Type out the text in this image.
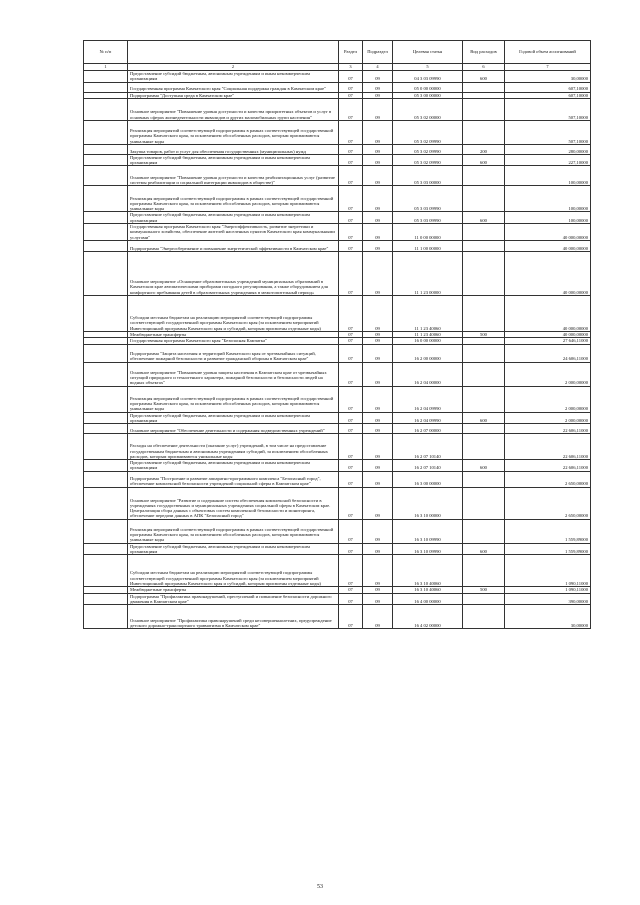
№ п/п		Раздел	Подраздел	Целевая статья	Вид расходов	Годовой объем ассигнований
1	2	3	4	5	6	7
	Предоставление субсидий бюджетным, автономным учреждениям и иным некоммерческим организациям	07	09	04 3 03 09990	600	30,00000
	Государственная программа Камчатского края "Социальная поддержка граждан в Камчатском крае"	07	09	05 0 00 00000		607,10000
	Подпрограмма "Доступная среда в Камчатском крае"	07	09	05 3 00 00000		607,10000
	Основное мероприятие "Повышение уровня доступности и качества приоритетных объектов и услуг в основных сферах жизнедеятельности инвалидов и других маломобильных групп населения"	07	09	05 3 02 00000		507,10000
	Реализация мероприятий соответствующей подпрограммы в рамках соответствующей государственной программы Камчатского края, за исключением обособленных расходов, которым присваиваются уникальные коды	07	09	05 3 02 09990		507,10000
	Закупка товаров, работ и услуг для обеспечения государственных (муниципальных) нужд	07	09	05 3 02 09990	200	280,00000
	Предоставление субсидий бюджетным, автономным учреждениям и иным некоммерческим организациям	07	09	05 3 02 09990	600	227,10000
	Основное мероприятие "Повышение уровня доступности и качества реабилитационных услуг (развитие системы реабилитации и социальной интеграции инвалидов в обществе)"	07	09	05 3 03 00000		100,00000
	Реализация мероприятий соответствующей подпрограммы в рамках соответствующей государственной программы Камчатского края, за исключением обособленных расходов, которым присваиваются уникальные коды	07	09	05 3 03 09990		100,00000
	Предоставление субсидий бюджетным, автономным учреждениям и иным некоммерческим организациям	07	09	05 3 03 09990	600	100,00000
	Государственная программа Камчатского края "Энергоэффективность, развитие энергетики и коммунального хозяйства, обеспечение жителей населенных пунктов Камчатского края коммунальными услугами"	07	09	11 0 00 00000		40 000,00000
	Подпрограмма "Энергосбережение и повышение энергетической эффективности в Камчатском крае"	07	09	11 1 00 00000		40 000,00000
	Основное мероприятие «Оснащение образовательных учреждений муниципальных образований в Камчатском крае автоматическими приборами погодного регулирования, а также оборудованием для комфортного пребывания детей в образовательных учреждениях в межотопительный период»	07	09	11 1 23 00000		40 000,00000
	Субсидии местным бюджетам на реализацию мероприятий соответствующей подпрограммы соответствующей государственной программы Камчатского края (за исключением мероприятий Инвестиционной программы Камчатского края и субсидий, которым присвоены отдельные коды)	07	09	11 1 23 40060		40 000,00000
	Межбюджетные трансферты	07	09	11 1 23 40060	500	40 000,00000
	Государственная программа Камчатского края "Безопасная Камчатка"	07	09	16 0 00 00000		27 646,11000
	Подпрограмма "Защита населения и территорий Камчатского края от чрезвычайных ситуаций, обеспечение пожарной безопасности и развитие гражданской обороны в Камчатском крае"	07	09	16 2 00 00000		24 606,11000
	Основное мероприятие "Повышение уровня защиты населения в Камчатском крае от чрезвычайных ситуаций природного и техногенного характера, пожарной безопасности и безопасности людей на водных объектах"	07	09	16 2 04 00000		2 000,00000
	Реализация мероприятий соответствующей подпрограммы в рамках соответствующей государственной программы Камчатского края, за исключением обособленных расходов, которым присваиваются уникальные коды	07	09	16 2 04 09990		2 000,00000
	Предоставление субсидий бюджетным, автономным учреждениям и иным некоммерческим организациям	07	09	16 2 04 09990	600	2 000,00000
	Основное мероприятие "Обеспечение деятельности и содержания подведомственных учреждений"	07	09	16 2 07 00000		22 606,11000
	Расходы на обеспечение деятельности (оказание услуг) учреждений, в том числе на предоставление государственным бюджетным и автономным учреждениям субсидий, за исключением обособленных расходов, которым присваиваются уникальные коды	07	09	16 2 07 10140		22 606,11000
	Предоставление субсидий бюджетным, автономным учреждениям и иным некоммерческим организациям	07	09	16 2 07 10140	600	22 606,11000
	Подпрограмма "Построение и развитие аппаратно-программного комплекса "Безопасный город", обеспечение комплексной безопасности учреждений социальной сферы в Камчатском крае"	07	09	16 3 00 00000		2 650,00000
	Основное мероприятие "Развитие и содержание систем обеспечения комплексной безопасности в учреждениях государственных и муниципальных учреждениях социальной сферы в Камчатском крае. Централизация сбора данных с объектовых систем комплексной безопасности и мониторинга, обеспечение передачи данных в АПК "Безопасный город"	07	09	16 3 10 00000		2 650,00000
	Реализация мероприятий соответствующей подпрограммы в рамках соответствующей государственной программы Камчатского края, за исключением обособленных расходов, которым присваиваются уникальные коды	07	09	16 3 10 09990		1 559,89000
	Предоставление субсидий бюджетным, автономным учреждениям и иным некоммерческим организациям	07	09	16 3 10 09990	600	1 559,89000
	Субсидии местным бюджетам на реализацию мероприятий соответствующей подпрограммы соответствующей государственной программы Камчатского края (за исключением мероприятий Инвестиционной программы Камчатского края и субсидий, которым присвоены отдельные коды)	07	09	16 3 10 40060		1 090,11000
	Межбюджетные трансферты	07	09	16 3 10 40060	500	1 090,11000
	Подпрограмма "Профилактика правонарушений, преступлений и повышение безопасности дорожного движения в Камчатском крае"	07	09	16 4 00 00000		390,00000
	Основное мероприятие "Профилактика правонарушений среди несовершеннолетних, предупреждение детского дорожно-транспортного травматизма в Камчатском крае"	07	09	16 4 02 00000		30,00000
53
